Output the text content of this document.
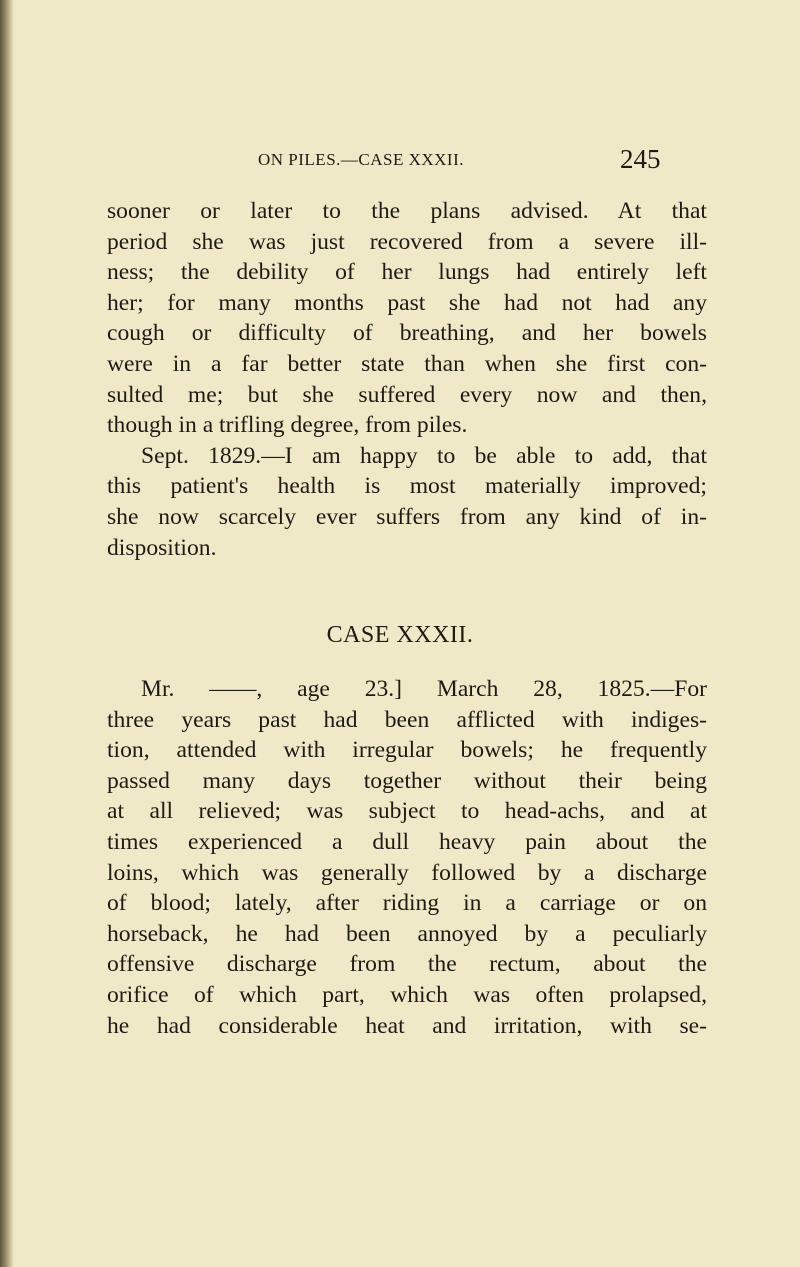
ON PILES.—CASE XXXII.	245
sooner or later to the plans advised. At that
period she was just recovered from a severe ill-
ness; the debility of her lungs had entirely left
her; for many months past she had not had any
cough or difficulty of breathing, and her bowels
were in a far better state than when she first con-
sulted me; but she suffered every now and then,
though in a trifling degree, from piles.
Sept. 1829.—I am happy to be able to add, that
this patient's health is most materially improved;
she now scarcely ever suffers from any kind of in-
disposition.
CASE XXXII.
Mr. ——, age 23.] March 28, 1825.—For
three years past had been afflicted with indiges-
tion, attended with irregular bowels; he frequently
passed many days together without their being
at all relieved; was subject to head-achs, and at
times experienced a dull heavy pain about the
loins, which was generally followed by a discharge
of blood; lately, after riding in a carriage or on
horseback, he had been annoyed by a peculiarly
offensive discharge from the rectum, about the
orifice of which part, which was often prolapsed,
he had considerable heat and irritation, with se-
